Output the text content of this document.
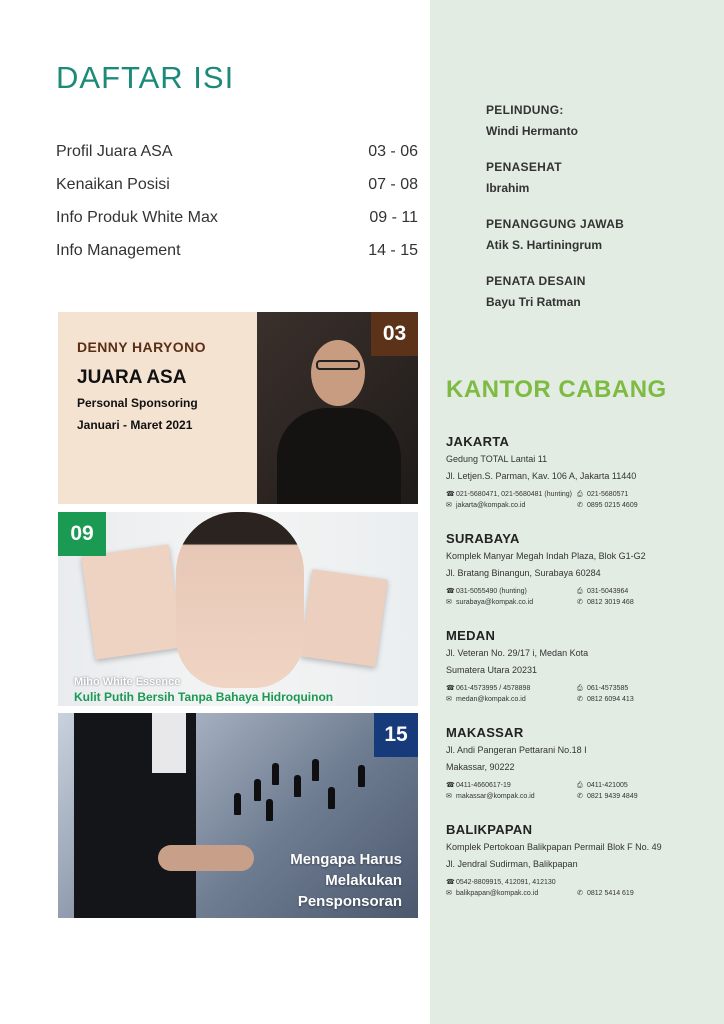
DAFTAR ISI
Profil Juara ASA	03 - 06
Kenaikan Posisi	07 - 08
Info Produk White Max	09 - 11
Info Management	14 - 15
PELINDUNG:
Windi Hermanto
PENASEHAT
Ibrahim
PENANGGUNG JAWAB
Atik S. Hartiningrum
PENATA DESAIN
Bayu Tri Ratman
DENNY HARYONO
JUARA ASA
Personal Sponsoring
Januari - Maret 2021
03
09
Miho White Essence
Kulit Putih Bersih Tanpa Bahaya Hidroquinon
15
Mengapa Harus
Melakukan
Pensponsoran
KANTOR CABANG
JAKARTA
Gedung TOTAL Lantai 11
Jl. Letjen.S. Parman, Kav. 106 A, Jakarta 11440
☎021-5680471, 021-5680481 (hunting) ⎙ 021-5680571
✉ jakarta@kompak.co.id	✆ 0895 0215 4609
SURABAYA
Komplek Manyar Megah Indah Plaza, Blok G1-G2
Jl. Bratang Binangun, Surabaya 60284
☎031-5055490 (hunting)	⎙ 031-5043964
✉ surabaya@kompak.co.id	✆ 0812 3019 468
MEDAN
Jl. Veteran No. 29/17 i, Medan Kota
Sumatera Utara 20231
☎061-4573995 / 4578898	⎙ 061-4573585
✉ medan@kompak.co.id	✆ 0812 6094 413
MAKASSAR
Jl. Andi Pangeran Pettarani No.18 I
Makassar, 90222
☎0411-4660617-19	⎙ 0411-421005
✉ makassar@kompak.co.id	✆ 0821 9439 4849
BALIKPAPAN
Komplek Pertokoan Balikpapan Permail Blok F No. 49
Jl. Jendral Sudirman, Balikpapan
☎0542-8809915, 412091, 412130
✉ balikpapan@kompak.co.id	✆ 0812 5414 619
